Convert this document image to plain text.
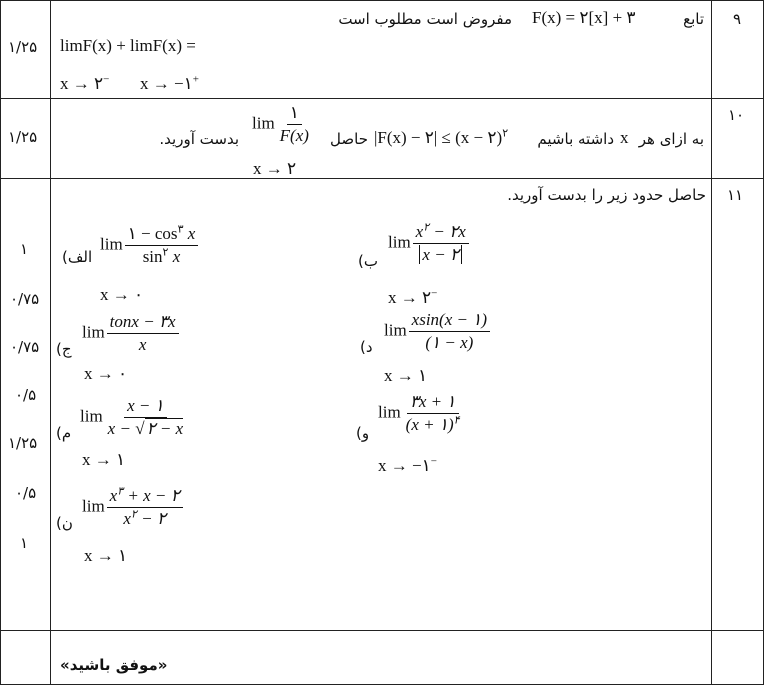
۹
۱/۲۵
تابع
F(x) = ۲[x] + ۳
مفروض است مطلوب است
limF(x) + limF(x) =
x → ۲− x → −۱+
۱۰
۱/۲۵	به ازای هر
x
داشته باشیم
|F(x) − ۲| ≤ (x − ۲)$^۲$
حاصل
$\lim \frac{۱}{F(x)}$
بدست آورید.
x → ۲
۱۱
حاصل حدود زیر را بدست آورید.
۱
۰/۷۵
۰/۷۵
۰/۵
۱/۲۵
۰/۵
۱
الف)
$\lim \frac{۱ - \cos^۳ x}{\sin^۲ x}$
x → ۰
ب)
$\lim \frac{x^۲ - ۲x}{x - ۲}$
x → ۲−
ج)
$\lim \frac{\text{tonx − ۳x}}{x}$
x → ۰
د)
$\lim \frac{xsin(x - ۱)}{(۱ - x)}$
x → ۱
م)
$\lim \frac{x - ۱}{x - √ ۲ - x}$
x → ۱
و)
$\lim \frac{۳x + ۱}{(x + ۱)^۴}$
x → −۱−
ن)
$\lim \frac{x^۳ + x - ۲}{x^۲ - ۲}$
x → ۱
«موفق باشید»
